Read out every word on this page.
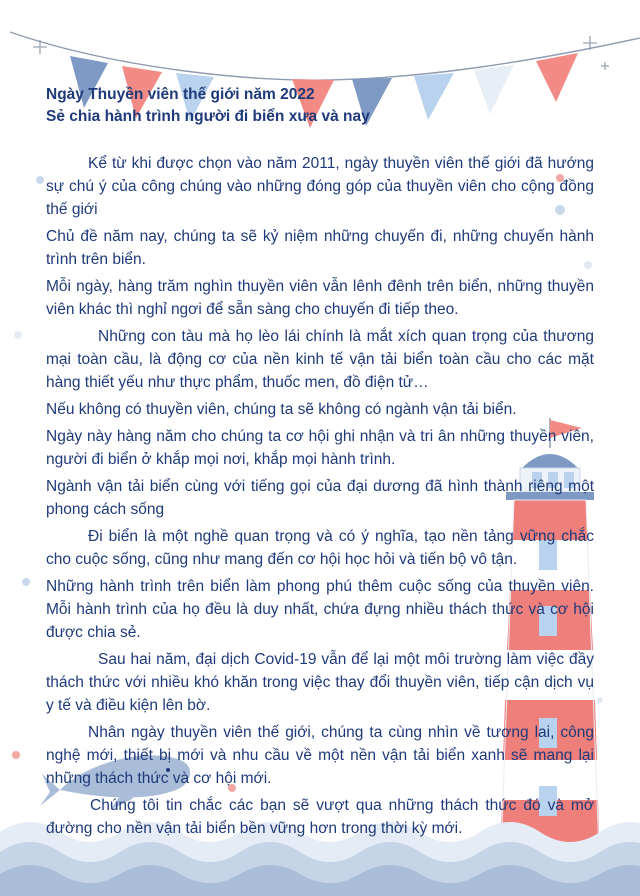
Ngày Thuyền viên thế giới năm 2022
Sẻ chia hành trình người đi biển xưa và nay

Kể từ khi được chọn vào năm 2011, ngày thuyền viên thế giới đã hướng sự chú ý của công chúng vào những đóng góp của thuyền viên cho cộng đồng thế giới

Chủ đề năm nay, chúng ta sẽ kỷ niệm những chuyến đi, những chuyến hành trình trên biển.

Mỗi ngày, hàng trăm nghìn thuyền viên vẫn lênh đênh trên biển, những thuyền viên khác thì nghỉ ngơi để sẵn sàng cho chuyến đi tiếp theo.

Những con tàu mà họ lèo lái chính là mắt xích quan trọng của thương mại toàn cầu, là động cơ của nền kinh tế vận tải biển toàn cầu cho các mặt hàng thiết yếu như thực phẩm, thuốc men, đồ điện tử…

Nếu không có thuyền viên, chúng ta sẽ không có ngành vận tải biển.

Ngày này hàng năm cho chúng ta cơ hội ghi nhận và tri ân những thuyền viên, người đi biển ở khắp mọi nơi, khắp mọi hành trình.

Ngành vận tải biển cùng với tiếng gọi của đại dương đã hình thành riêng một phong cách sống

Đi biển là một nghề quan trọng và có ý nghĩa, tạo nền tảng vững chắc cho cuộc sống, cũng như mang đến cơ hội học hỏi và tiến bộ vô tận.

Những hành trình trên biển làm phong phú thêm cuộc sống của thuyền viên. Mỗi hành trình của họ đều là duy nhất, chứa đựng nhiều thách thức và cơ hội được chia sẻ.

Sau hai năm, đại dịch Covid-19 vẫn để lại một môi trường làm việc đầy thách thức với nhiều khó khăn trong việc thay đổi thuyền viên, tiếp cận dịch vụ y tế và điều kiện lên bờ.

Nhân ngày thuyền viên thế giới, chúng ta cùng nhìn về tương lai, công nghệ mới, thiết bị mới và nhu cầu về một nền vận tải biển xanh sẽ mang lại những thách thức và cơ hội mới.

Chúng tôi tin chắc các bạn sẽ vượt qua những thách thức đó và mở đường cho nền vận tải biển bền vững hơn trong thời kỳ mới.
